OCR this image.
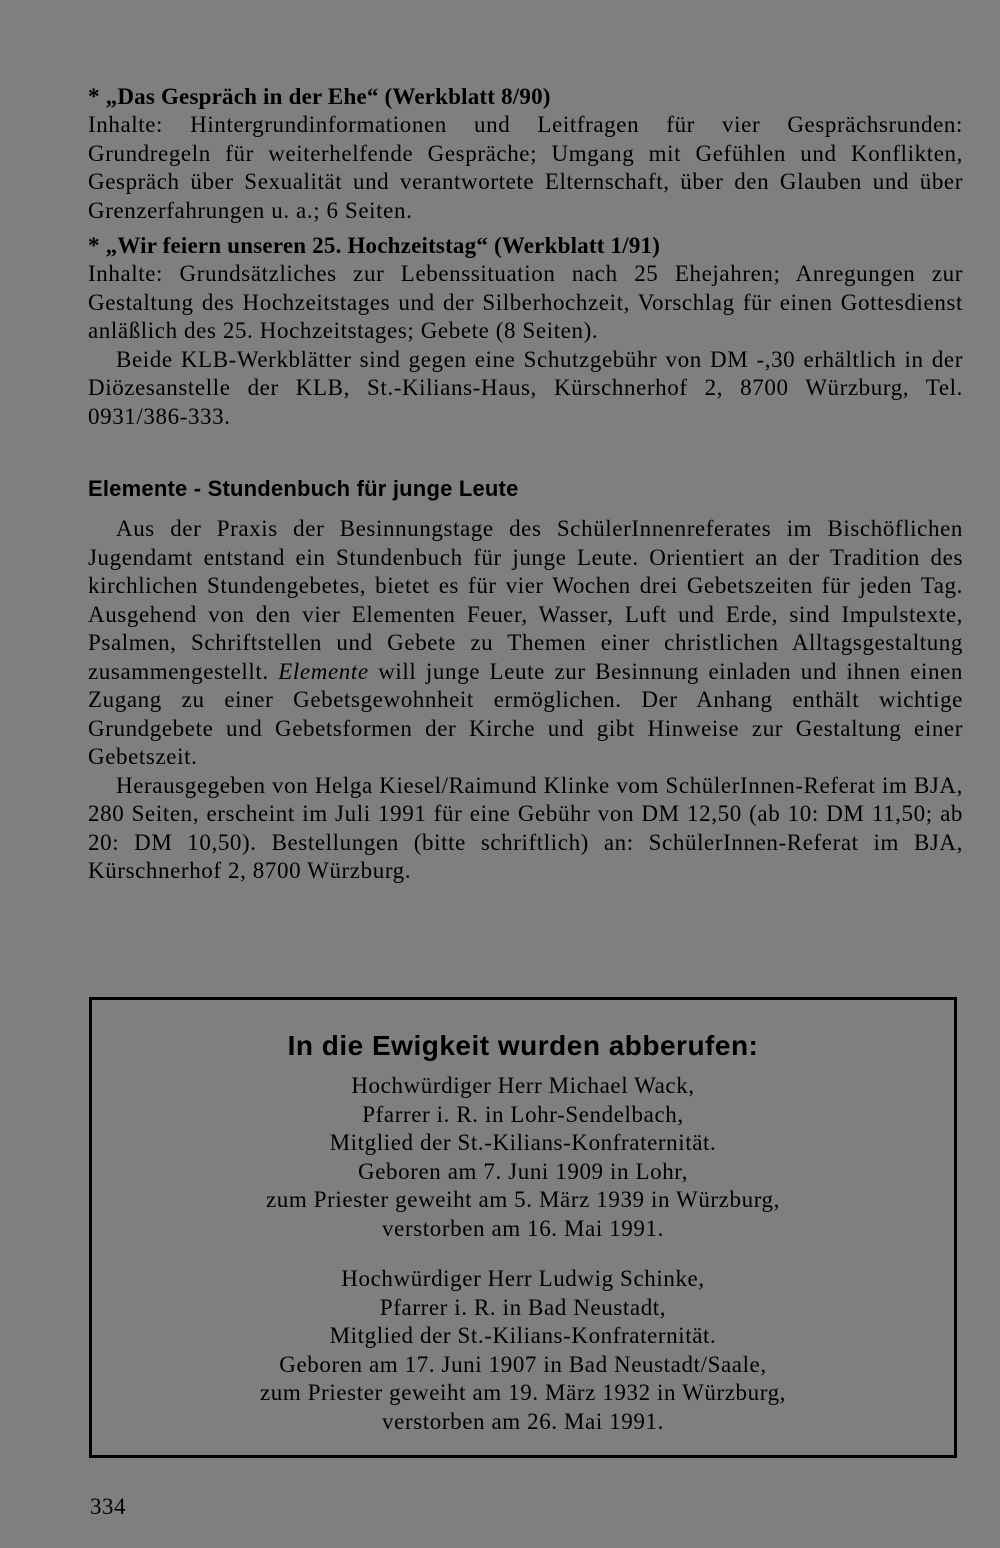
* „Das Gespräch in der Ehe“ (Werkblatt 8/90)

Inhalte: Hintergrundinformationen und Leitfragen für vier Gesprächsrunden: Grundregeln für weiterhelfende Gespräche; Umgang mit Gefühlen und Konflikten, Gespräch über Sexualität und verantwortete Elternschaft, über den Glauben und über Grenzerfahrungen u. a.; 6 Seiten.

* „Wir feiern unseren 25. Hochzeitstag“ (Werkblatt 1/91)

Inhalte: Grundsätzliches zur Lebenssituation nach 25 Ehejahren; Anregungen zur Gestaltung des Hochzeitstages und der Silberhochzeit, Vorschlag für einen Gottesdienst anläßlich des 25. Hochzeitstages; Gebete (8 Seiten).

Beide KLB-Werkblätter sind gegen eine Schutzgebühr von DM -,30 erhältlich in der Diözesanstelle der KLB, St.-Kilians-Haus, Kürschnerhof 2, 8700 Würzburg, Tel. 0931/386-333.

Elemente - Stundenbuch für junge Leute

Aus der Praxis der Besinnungstage des SchülerInnenreferates im Bischöflichen Jugendamt entstand ein Stundenbuch für junge Leute. Orientiert an der Tradition des kirchlichen Stundengebetes, bietet es für vier Wochen drei Gebetszeiten für jeden Tag. Ausgehend von den vier Elementen Feuer, Wasser, Luft und Erde, sind Impulstexte, Psalmen, Schriftstellen und Gebete zu Themen einer christlichen Alltagsgestaltung zusammengestellt. Elemente will junge Leute zur Besinnung einladen und ihnen einen Zugang zu einer Gebetsgewohnheit ermöglichen. Der Anhang enthält wichtige Grundgebete und Gebetsformen der Kirche und gibt Hinweise zur Gestaltung einer Gebetszeit.

Herausgegeben von Helga Kiesel/Raimund Klinke vom SchülerInnen-Referat im BJA, 280 Seiten, erscheint im Juli 1991 für eine Gebühr von DM 12,50 (ab 10: DM 11,50; ab 20: DM 10,50). Bestellungen (bitte schriftlich) an: SchülerInnen-Referat im BJA, Kürschnerhof 2, 8700 Würzburg.

In die Ewigkeit wurden abberufen:
Hochwürdiger Herr Michael Wack,
Pfarrer i. R. in Lohr-Sendelbach,
Mitglied der St.-Kilians-Konfraternität.
Geboren am 7. Juni 1909 in Lohr,
zum Priester geweiht am 5. März 1939 in Würzburg,
verstorben am 16. Mai 1991.
Hochwürdiger Herr Ludwig Schinke,
Pfarrer i. R. in Bad Neustadt,
Mitglied der St.-Kilians-Konfraternität.
Geboren am 17. Juni 1907 in Bad Neustadt/Saale,
zum Priester geweiht am 19. März 1932 in Würzburg,
verstorben am 26. Mai 1991.
334
